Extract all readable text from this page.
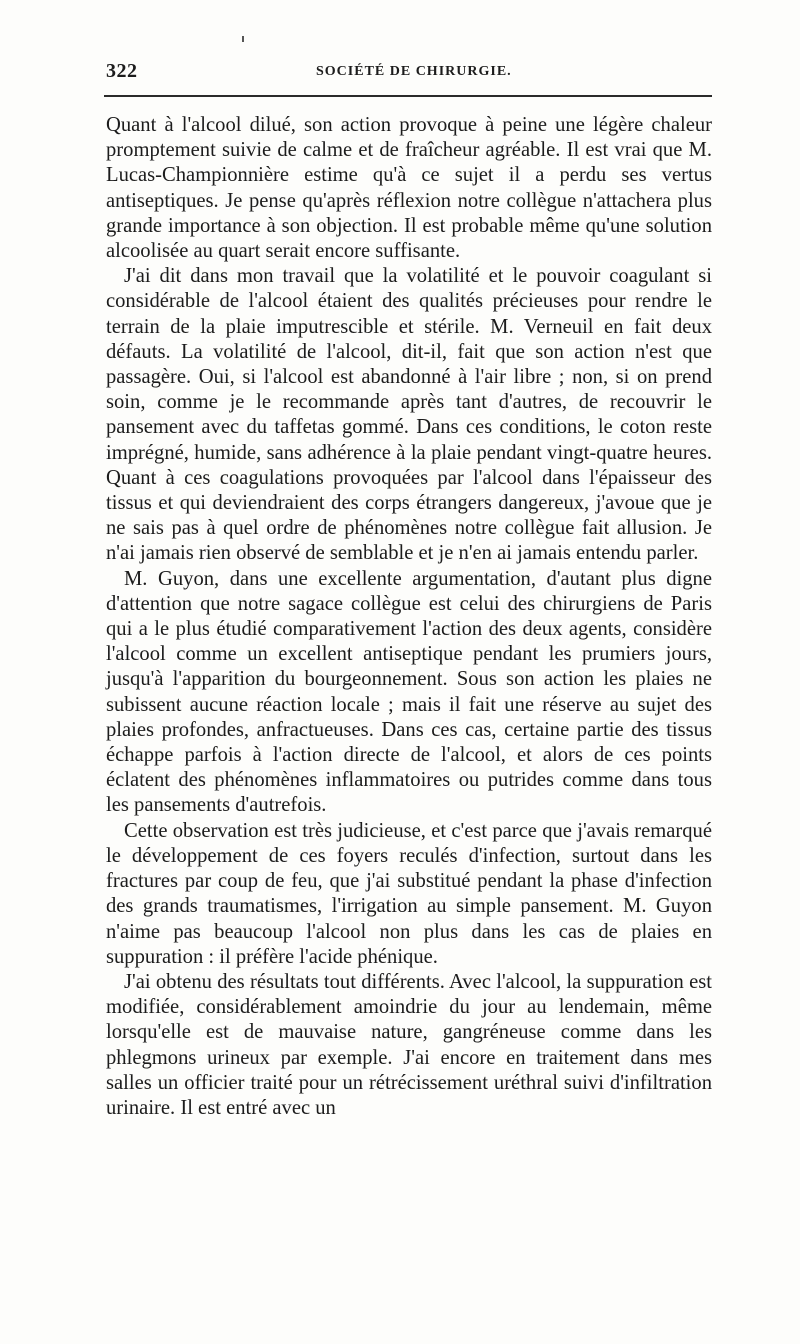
322	SOCIÉTÉ DE CHIRURGIE.

Quant à l'alcool dilué, son action provoque à peine une légère chaleur promptement suivie de calme et de fraîcheur agréable. Il est vrai que M. Lucas-Championnière estime qu'à ce sujet il a perdu ses vertus antiseptiques. Je pense qu'après réflexion notre collègue n'attachera plus grande importance à son objection. Il est probable même qu'une solution alcoolisée au quart serait encore suffisante.

J'ai dit dans mon travail que la volatilité et le pouvoir coagulant si considérable de l'alcool étaient des qualités précieuses pour rendre le terrain de la plaie imputrescible et stérile. M. Verneuil en fait deux défauts. La volatilité de l'alcool, dit-il, fait que son action n'est que passagère. Oui, si l'alcool est abandonné à l'air libre ; non, si on prend soin, comme je le recommande après tant d'autres, de recouvrir le pansement avec du taffetas gommé. Dans ces conditions, le coton reste imprégné, humide, sans adhérence à la plaie pendant vingt-quatre heures. Quant à ces coagulations provoquées par l'alcool dans l'épaisseur des tissus et qui deviendraient des corps étrangers dangereux, j'avoue que je ne sais pas à quel ordre de phénomènes notre collègue fait allusion. Je n'ai jamais rien observé de semblable et je n'en ai jamais entendu parler.

M. Guyon, dans une excellente argumentation, d'autant plus digne d'attention que notre sagace collègue est celui des chirurgiens de Paris qui a le plus étudié comparativement l'action des deux agents, considère l'alcool comme un excellent antiseptique pendant les prumiers jours, jusqu'à l'apparition du bourgeonnement. Sous son action les plaies ne subissent aucune réaction locale ; mais il fait une réserve au sujet des plaies profondes, anfractueuses. Dans ces cas, certaine partie des tissus échappe parfois à l'action directe de l'alcool, et alors de ces points éclatent des phénomènes inflammatoires ou putrides comme dans tous les pansements d'autrefois.

Cette observation est très judicieuse, et c'est parce que j'avais remarqué le développement de ces foyers reculés d'infection, surtout dans les fractures par coup de feu, que j'ai substitué pendant la phase d'infection des grands traumatismes, l'irrigation au simple pansement. M. Guyon n'aime pas beaucoup l'alcool non plus dans les cas de plaies en suppuration : il préfère l'acide phénique.

J'ai obtenu des résultats tout différents. Avec l'alcool, la suppuration est modifiée, considérablement amoindrie du jour au lendemain, même lorsqu'elle est de mauvaise nature, gangréneuse comme dans les phlegmons urineux par exemple. J'ai encore en traitement dans mes salles un officier traité pour un rétrécissement uréthral suivi d'infiltration urinaire. Il est entré avec un
